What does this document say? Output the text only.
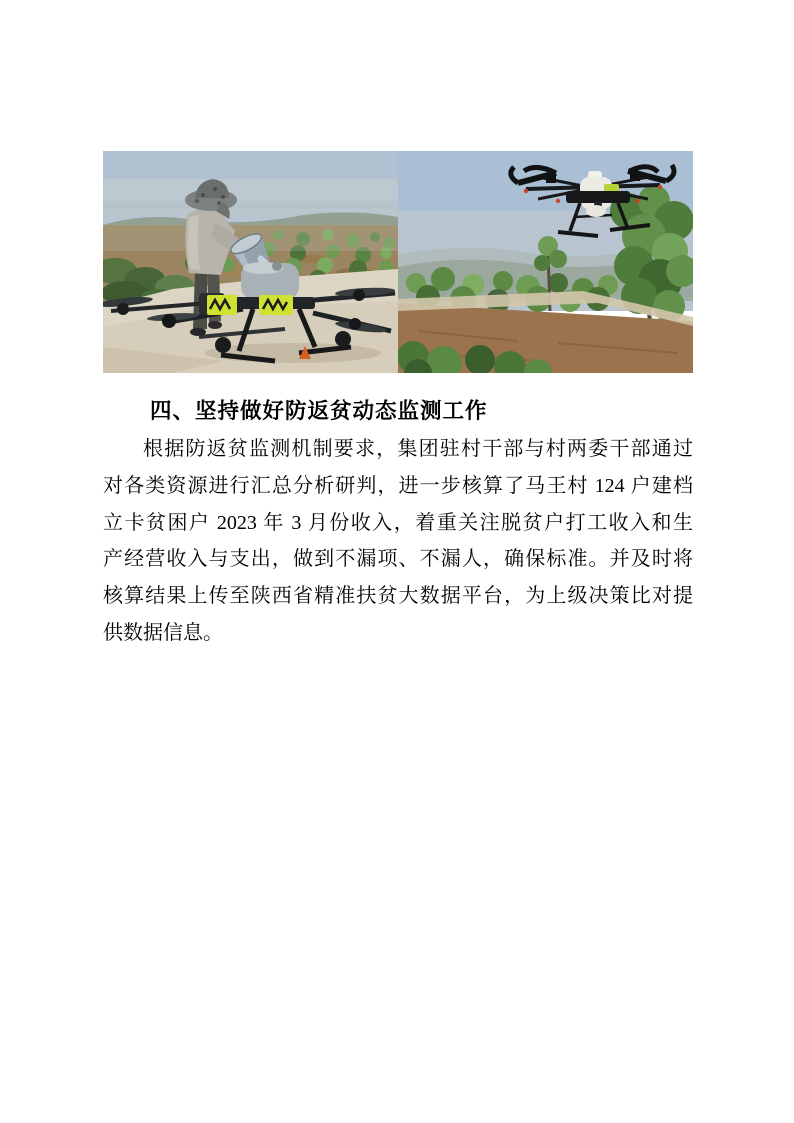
四、坚持做好防返贫动态监测工作
根据防返贫监测机制要求，集团驻村干部与村两委干部通过
对各类资源进行汇总分析研判，进一步核算了马王村 124 户建档
立卡贫困户 2023 年 3 月份收入，着重关注脱贫户打工收入和生
产经营收入与支出，做到不漏项、不漏人，确保标准。并及时将
核算结果上传至陕西省精准扶贫大数据平台，为上级决策比对提
供数据信息。
